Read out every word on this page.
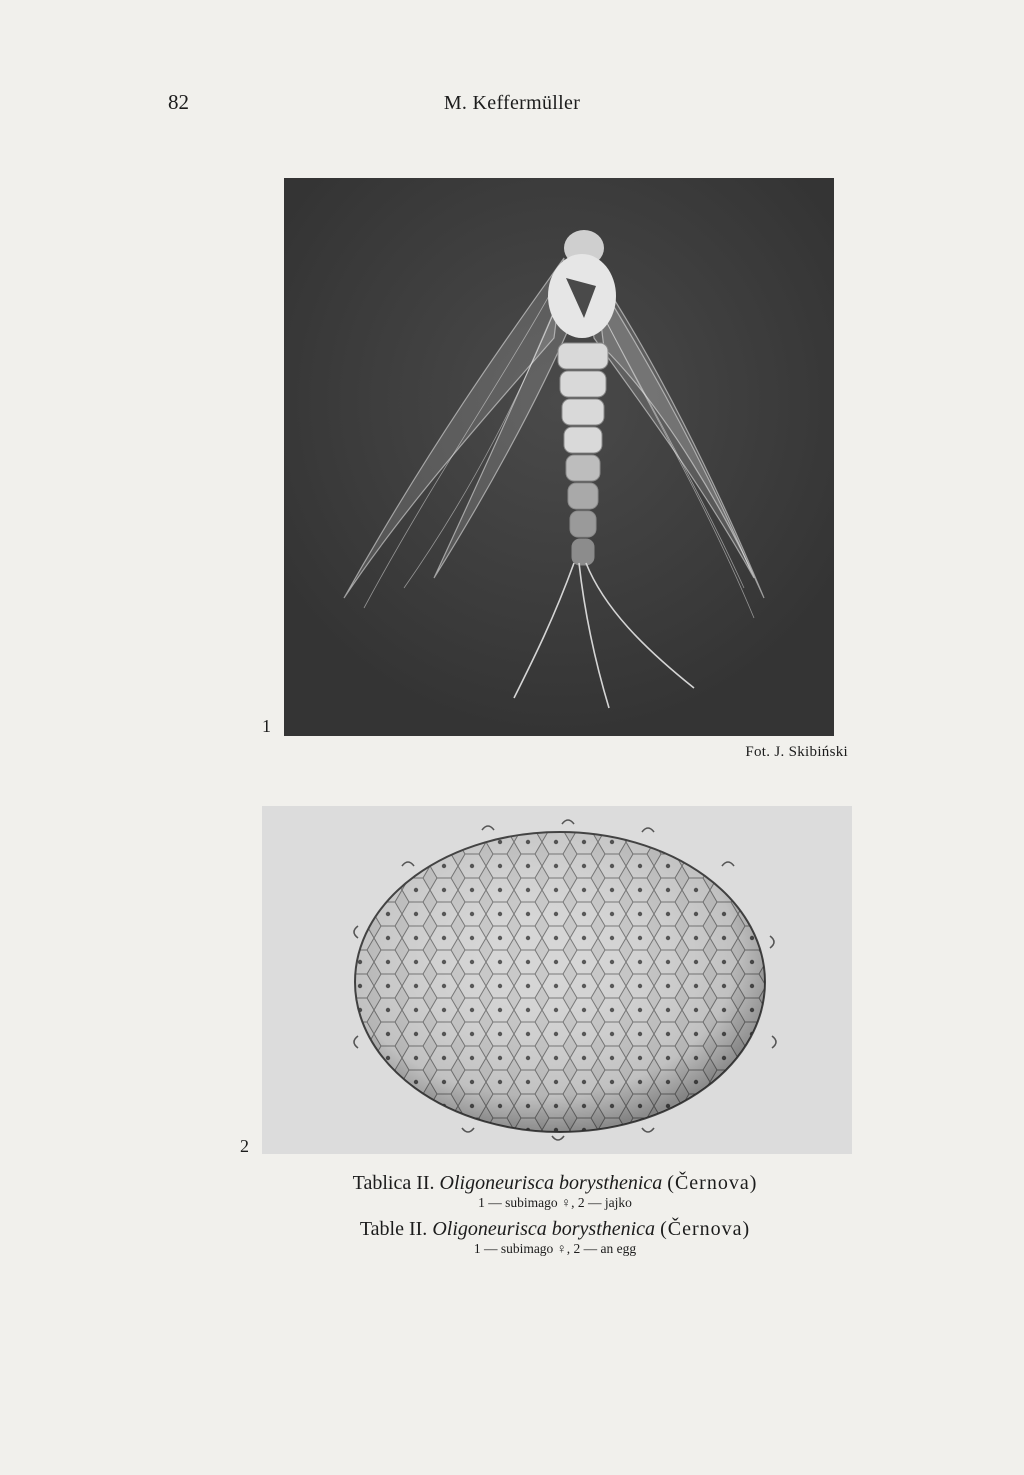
82	M. Keffermüller
1
Fot. J. Skibiński
2
Tablica II. Oligoneurisca borysthenica (Černova)
1 — subimago ♀, 2 — jajko
Table II. Oligoneurisca borysthenica (Černova)
1 — subimago ♀, 2 — an egg
